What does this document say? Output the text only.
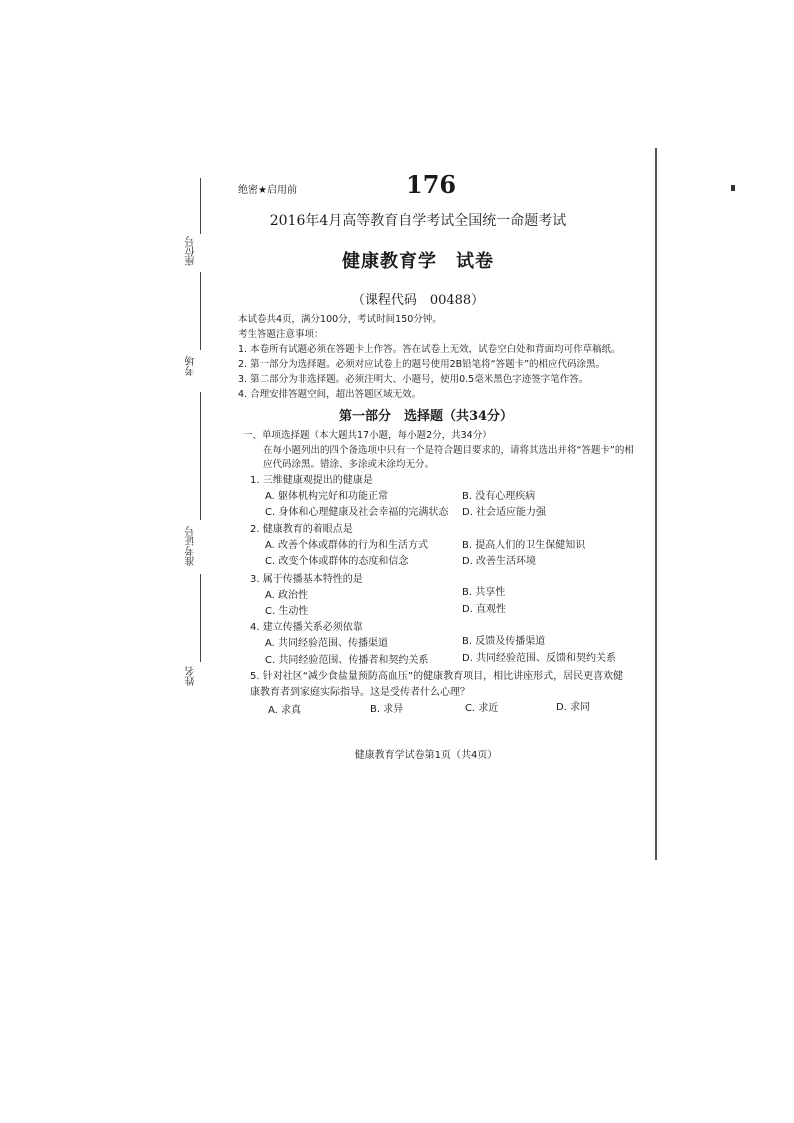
座位号
考场
准考证号
姓名
绝密★启用前	176
2016年4月高等教育自学考试全国统一命题考试
健康教育学　试卷
（课程代码　00488）
本试卷共4页，满分100分，考试时间150分钟。
考生答题注意事项：
1. 本卷所有试题必须在答题卡上作答。答在试卷上无效，试卷空白处和背面均可作草稿纸。
2. 第一部分为选择题。必须对应试卷上的题号使用2B铅笔将“答题卡”的相应代码涂黑。
3. 第二部分为非选择题。必须注明大、小题号，使用0.5毫米黑色字迹签字笔作答。
4. 合理安排答题空间，超出答题区域无效。
第一部分　选择题（共34分）
一、单项选择题（本大题共17小题，每小题2分，共34分）
在每小题列出的四个备选项中只有一个是符合题目要求的，请将其选出并将“答题卡”的相
应代码涂黑。错涂、多涂或未涂均无分。
1. 三维健康观提出的健康是
A. 躯体机构完好和功能正常	B. 没有心理疾病
C. 身体和心理健康及社会幸福的完满状态 D. 社会适应能力强
2. 健康教育的着眼点是
A. 改善个体或群体的行为和生活方式	B. 提高人们的卫生保健知识
C. 改变个体或群体的态度和信念	D. 改善生活环境
3. 属于传播基本特性的是
A. 政治性	B. 共享性
C. 生动性	D. 直观性
4. 建立传播关系必须依靠
A. 共同经验范围、传播渠道	B. 反馈及传播渠道
C. 共同经验范围、传播者和契约关系	D. 共同经验范围、反馈和契约关系
5. 针对社区“减少食盐量预防高血压”的健康教育项目，相比讲座形式，居民更喜欢健
康教育者到家庭实际指导。这是受传者什么心理？
A. 求真	B. 求异	C. 求近	D. 求同
健康教育学试卷第1页（共4页）
